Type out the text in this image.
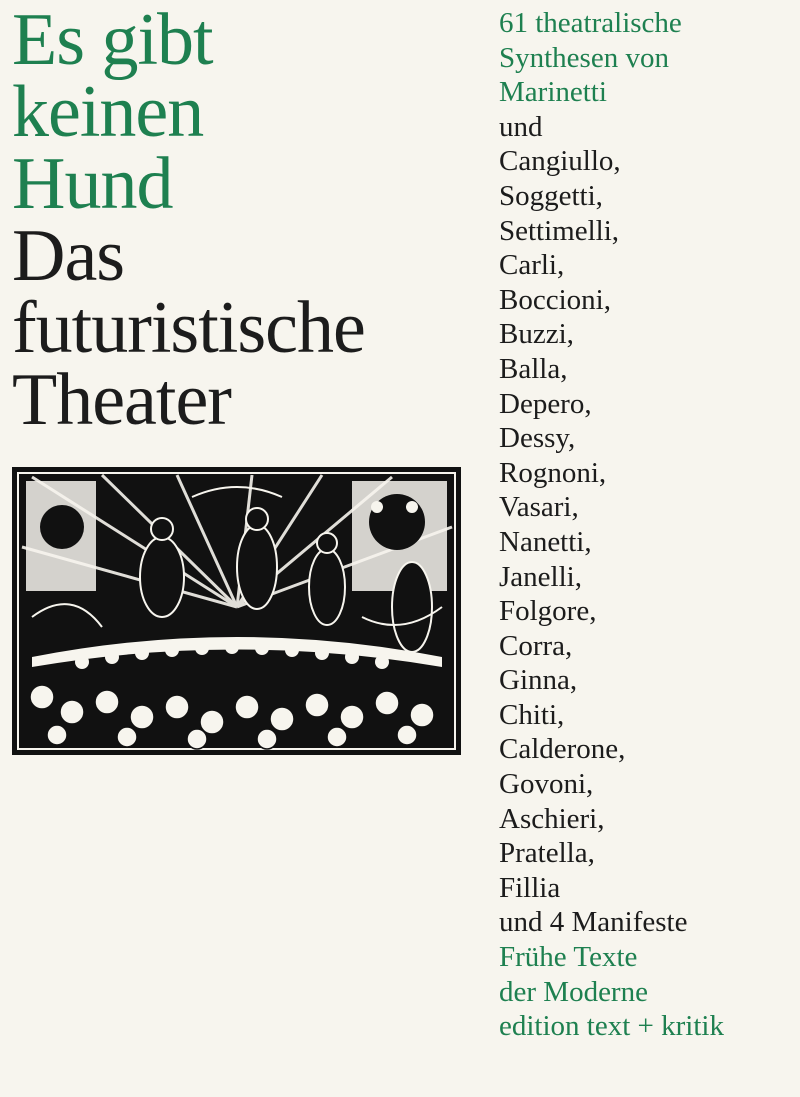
Es gibt
keinen
Hund
Das
futuristische
Theater
61 theatralische
Synthesen von
Marinetti
und
Cangiullo,
Soggetti,
Settimelli,
Carli,
Boccioni,
Buzzi,
Balla,
Depero,
Dessy,
Rognoni,
Vasari,
Nanetti,
Janelli,
Folgore,
Corra,
Ginna,
Chiti,
Calderone,
Govoni,
Aschieri,
Pratella,
Fillia
und 4 Manifeste
Frühe Texte
der Moderne
edition text + kritik
